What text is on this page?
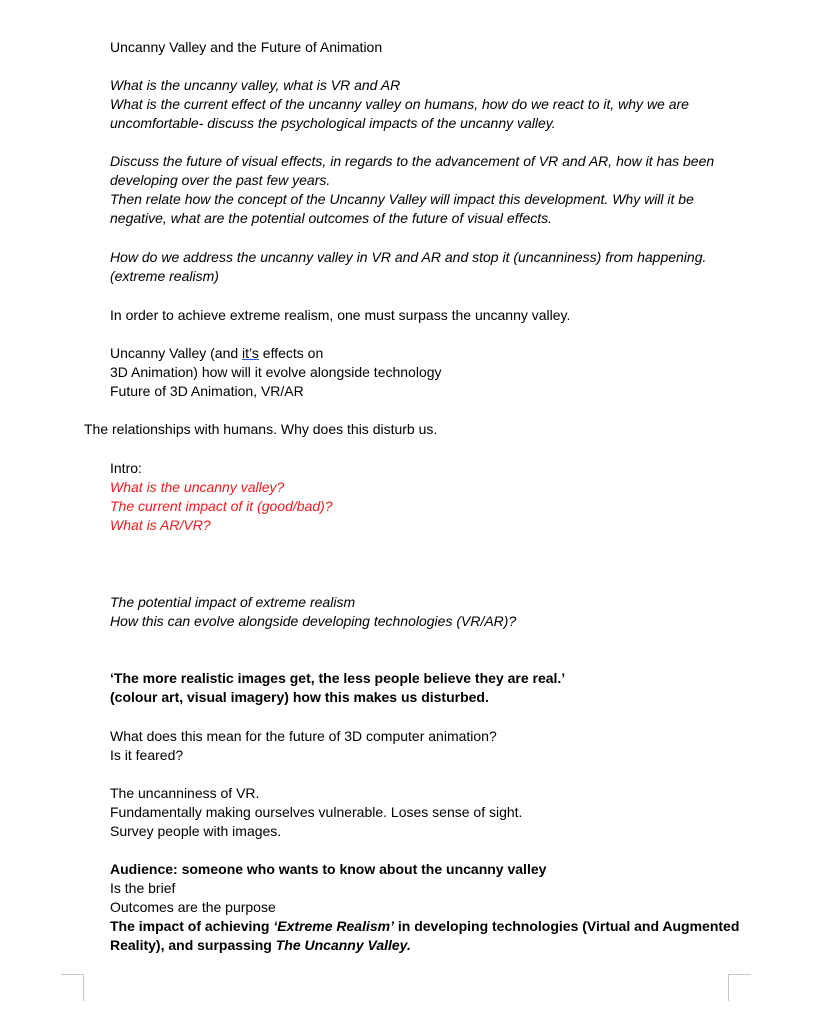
Uncanny Valley and the Future of Animation
What is the uncanny valley, what is VR and AR
What is the current effect of the uncanny valley on humans, how do we react to it, why we are
uncomfortable- discuss the psychological impacts of the uncanny valley.
Discuss the future of visual effects, in regards to the advancement of VR and AR, how it has been
developing over the past few years.
Then relate how the concept of the Uncanny Valley will impact this development. Why will it be
negative, what are the potential outcomes of the future of visual effects.
How do we address the uncanny valley in VR and AR and stop it (uncanniness) from happening.
(extreme realism)
In order to achieve extreme realism, one must surpass the uncanny valley.
Uncanny Valley (and it’s effects on
3D Animation) how will it evolve alongside technology
Future of 3D Animation, VR/AR
The relationships with humans. Why does this disturb us.
Intro:
What is the uncanny valley?
The current impact of it (good/bad)?
What is AR/VR?
The potential impact of extreme realism
How this can evolve alongside developing technologies (VR/AR)?
‘The more realistic images get, the less people believe they are real.’
(colour art, visual imagery) how this makes us disturbed.
What does this mean for the future of 3D computer animation?
Is it feared?
The uncanniness of VR.
Fundamentally making ourselves vulnerable. Loses sense of sight.
Survey people with images.
Audience: someone who wants to know about the uncanny valley
Is the brief
Outcomes are the purpose
The impact of achieving ‘Extreme Realism’ in developing technologies (Virtual and Augmented
Reality), and surpassing The Uncanny Valley.
